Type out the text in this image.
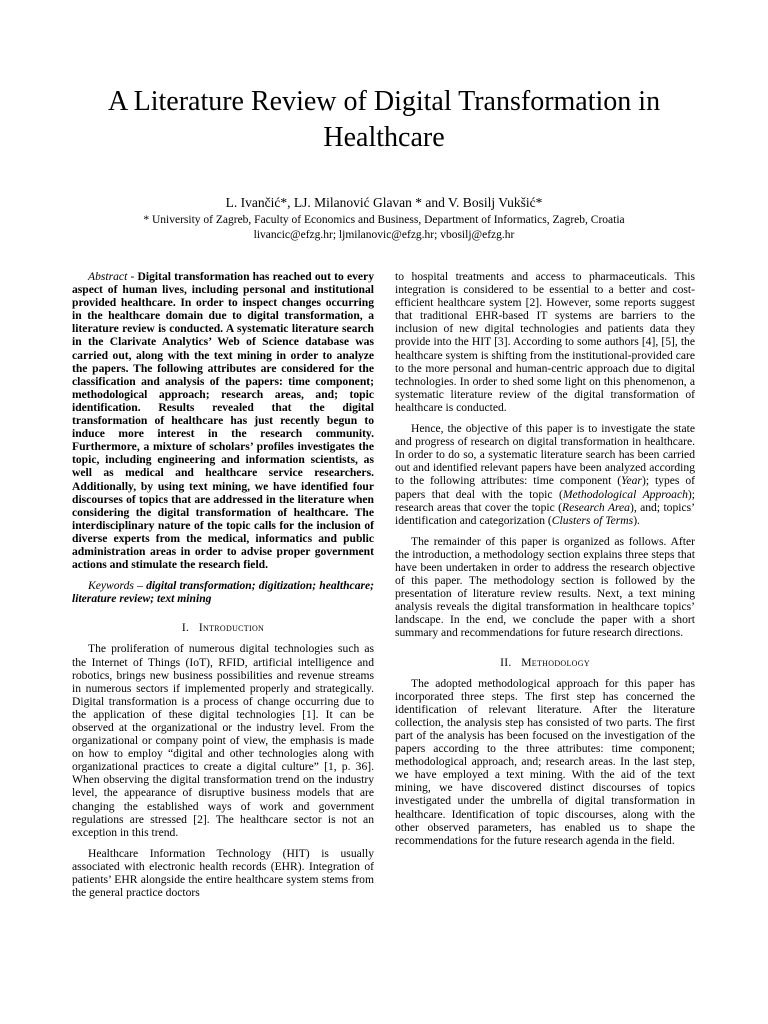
A Literature Review of Digital Transformation in Healthcare
L. Ivančić*, LJ. Milanović Glavan * and V. Bosilj Vukšić*
* University of Zagreb, Faculty of Economics and Business, Department of Informatics, Zagreb, Croatia
livancic@efzg.hr; ljmilanovic@efzg.hr; vbosilj@efzg.hr

Abstract - Digital transformation has reached out to every aspect of human lives, including personal and institutional provided healthcare. In order to inspect changes occurring in the healthcare domain due to digital transformation, a literature review is conducted. A systematic literature search in the Clarivate Analytics’ Web of Science database was carried out, along with the text mining in order to analyze the papers. The following attributes are considered for the classification and analysis of the papers: time component; methodological approach; research areas, and; topic identification. Results revealed that the digital transformation of healthcare has just recently begun to induce more interest in the research community. Furthermore, a mixture of scholars’ profiles investigates the topic, including engineering and information scientists, as well as medical and healthcare service researchers. Additionally, by using text mining, we have identified four discourses of topics that are addressed in the literature when considering the digital transformation of healthcare. The interdisciplinary nature of the topic calls for the inclusion of diverse experts from the medical, informatics and public administration areas in order to advise proper government actions and stimulate the research field.

Keywords – digital transformation; digitization; healthcare; literature review; text mining

I. Introduction

The proliferation of numerous digital technologies such as the Internet of Things (IoT), RFID, artificial intelligence and robotics, brings new business possibilities and revenue streams in numerous sectors if implemented properly and strategically. Digital transformation is a process of change occurring due to the application of these digital technologies [1]. It can be observed at the organizational or the industry level. From the organizational or company point of view, the emphasis is made on how to employ “digital and other technologies along with organizational practices to create a digital culture” [1, p. 36]. When observing the digital transformation trend on the industry level, the appearance of disruptive business models that are changing the established ways of work and government regulations are stressed [2]. The healthcare sector is not an exception in this trend.

Healthcare Information Technology (HIT) is usually associated with electronic health records (EHR). Integration of patients’ EHR alongside the entire healthcare system stems from the general practice doctors

to hospital treatments and access to pharmaceuticals. This integration is considered to be essential to a better and cost-efficient healthcare system [2]. However, some reports suggest that traditional EHR-based IT systems are barriers to the inclusion of new digital technologies and patients data they provide into the HIT [3]. According to some authors [4], [5], the healthcare system is shifting from the institutional-provided care to the more personal and human-centric approach due to digital technologies. In order to shed some light on this phenomenon, a systematic literature review of the digital transformation of healthcare is conducted.

Hence, the objective of this paper is to investigate the state and progress of research on digital transformation in healthcare. In order to do so, a systematic literature search has been carried out and identified relevant papers have been analyzed according to the following attributes: time component (Year); types of papers that deal with the topic (Methodological Approach); research areas that cover the topic (Research Area), and; topics’ identification and categorization (Clusters of Terms).

The remainder of this paper is organized as follows. After the introduction, a methodology section explains three steps that have been undertaken in order to address the research objective of this paper. The methodology section is followed by the presentation of literature review results. Next, a text mining analysis reveals the digital transformation in healthcare topics’ landscape. In the end, we conclude the paper with a short summary and recommendations for future research directions.

II. Methodology

The adopted methodological approach for this paper has incorporated three steps. The first step has concerned the identification of relevant literature. After the literature collection, the analysis step has consisted of two parts. The first part of the analysis has been focused on the investigation of the papers according to the three attributes: time component; methodological approach, and; research areas. In the last step, we have employed a text mining. With the aid of the text mining, we have discovered distinct discourses of topics investigated under the umbrella of digital transformation in healthcare. Identification of topic discourses, along with the other observed parameters, has enabled us to shape the recommendations for the future research agenda in the field.
